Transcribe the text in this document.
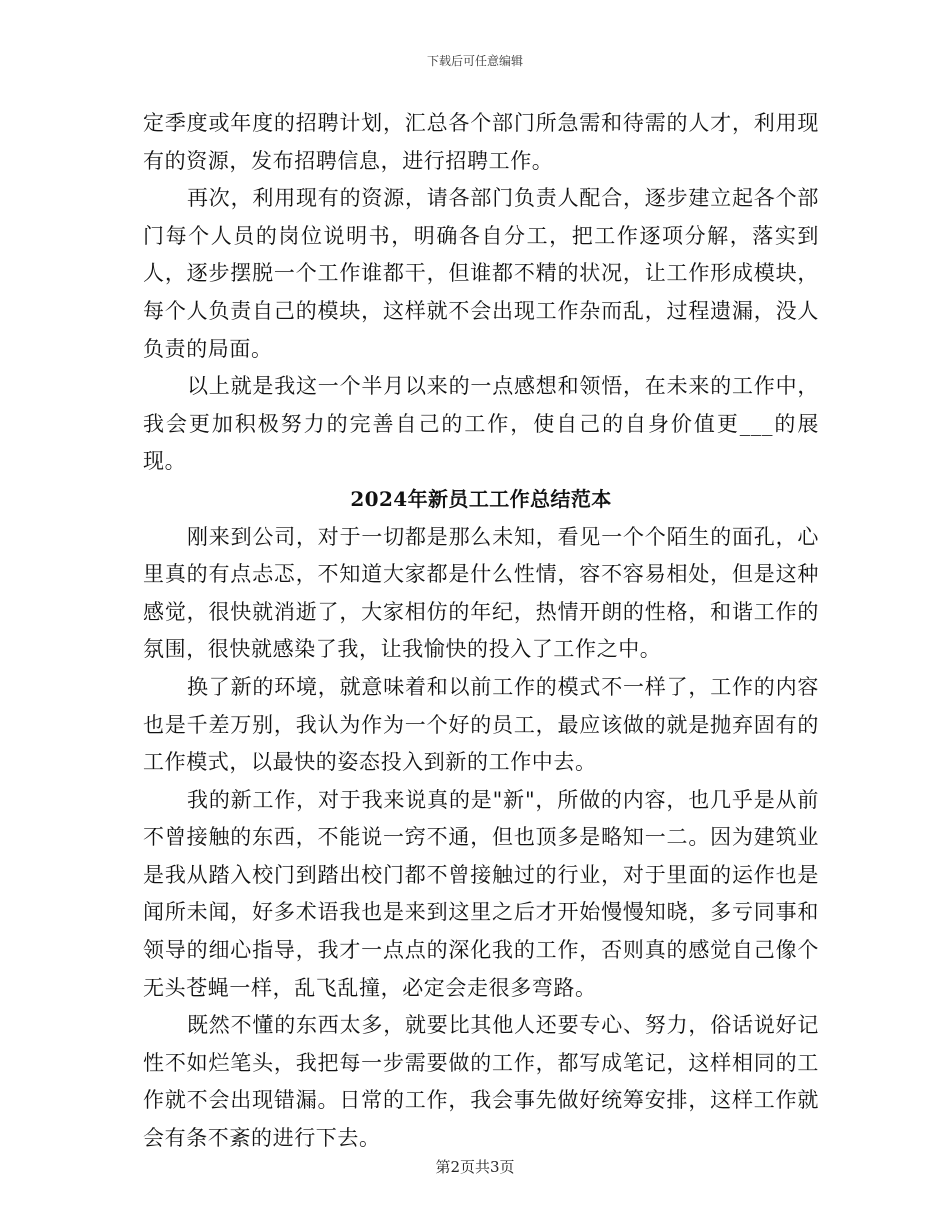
下载后可任意编辑

定季度或年度的招聘计划，汇总各个部门所急需和待需的人才，利用现有的资源，发布招聘信息，进行招聘工作。

再次，利用现有的资源，请各部门负责人配合，逐步建立起各个部门每个人员的岗位说明书，明确各自分工，把工作逐项分解，落实到人，逐步摆脱一个工作谁都干，但谁都不精的状况，让工作形成模块，每个人负责自己的模块，这样就不会出现工作杂而乱，过程遗漏，没人负责的局面。

以上就是我这一个半月以来的一点感想和领悟，在未来的工作中，我会更加积极努力的完善自己的工作，使自己的自身价值更___的展现。

2024年新员工工作总结范本

刚来到公司，对于一切都是那么未知，看见一个个陌生的面孔，心里真的有点忐忑，不知道大家都是什么性情，容不容易相处，但是这种感觉，很快就消逝了，大家相仿的年纪，热情开朗的性格，和谐工作的氛围，很快就感染了我，让我愉快的投入了工作之中。

换了新的环境，就意味着和以前工作的模式不一样了，工作的内容也是千差万别，我认为作为一个好的员工，最应该做的就是抛弃固有的工作模式，以最快的姿态投入到新的工作中去。

我的新工作，对于我来说真的是"新"，所做的内容，也几乎是从前不曾接触的东西，不能说一窍不通，但也顶多是略知一二。因为建筑业是我从踏入校门到踏出校门都不曾接触过的行业，对于里面的运作也是闻所未闻，好多术语我也是来到这里之后才开始慢慢知晓，多亏同事和领导的细心指导，我才一点点的深化我的工作，否则真的感觉自己像个无头苍蝇一样，乱飞乱撞，必定会走很多弯路。

既然不懂的东西太多，就要比其他人还要专心、努力，俗话说好记性不如烂笔头，我把每一步需要做的工作，都写成笔记，这样相同的工作就不会出现错漏。日常的工作，我会事先做好统筹安排，这样工作就会有条不紊的进行下去。

第2页共3页
